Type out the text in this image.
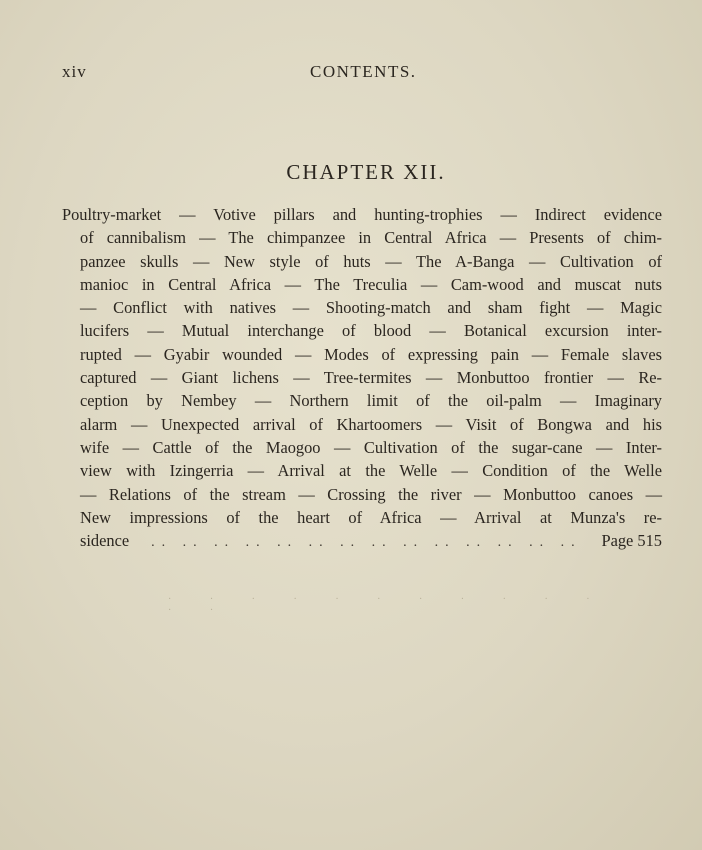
xiv	CONTENTS.
CHAPTER XII.
Poultry-market — Votive pillars and hunting-trophies — Indirect evidence
of cannibalism — The chimpanzee in Central Africa — Presents of chim-
panzee skulls — New style of huts — The A-Banga — Cultivation of
manioc in Central Africa — The Treculia — Cam-wood and muscat nuts
— Conflict with natives — Shooting-match and sham fight — Magic
lucifers — Mutual interchange of blood — Botanical excursion inter-
rupted — Gyabir wounded — Modes of expressing pain — Female slaves
captured — Giant lichens — Tree-termites — Monbuttoo frontier — Re-
ception by Nembey — Northern limit of the oil-palm — Imaginary
alarm — Unexpected arrival of Khartoomers — Visit of Bongwa and his
wife — Cattle of the Maogoo — Cultivation of the sugar-cane — Inter-
view with Izingerria — Arrival at the Welle — Condition of the Welle
— Relations of the stream — Crossing the river — Monbuttoo canoes —
New impressions of the heart of Africa — Arrival at Munza's re-
sidence
.. ..	Page 515
· · · · · · · · · · · · ·
